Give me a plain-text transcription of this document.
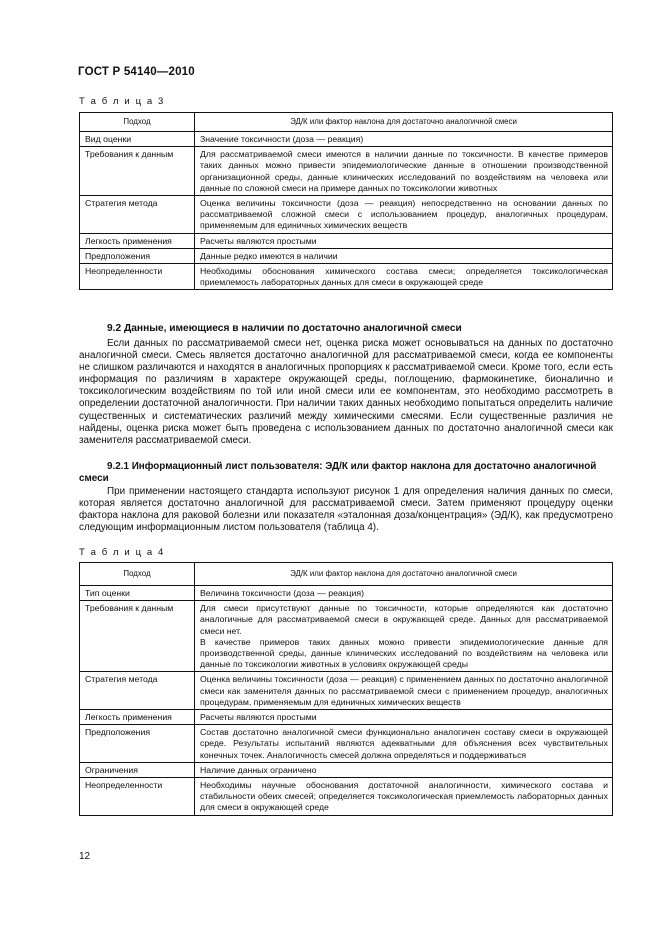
ГОСТ Р 54140—2010
Т а б л и ц а 3
Подход	ЭД/К или фактор наклона для достаточно аналогичной смеси
Вид оценки	Значение токсичности (доза — реакция)
Требования к данным	Для рассматриваемой смеси имеются в наличии данные по токсичности. В качестве примеров таких данных можно привести эпидемиологические данные в отношении производственной организационной среды, данные клинических исследований по воздействиям на человека или данные по сложной смеси на примере данных по токсикологии животных
Стратегия метода	Оценка величины токсичности (доза — реакция) непосредственно на основании данных по рассматриваемой сложной смеси с использованием процедур, аналогичных процедурам, применяемым для единичных химических веществ
Легкость применения	Расчеты являются простыми
Предположения	Данные редко имеются в наличии
Неопределенности	Необходимы обоснования химического состава смеси; определяется токсикологическая приемлемость лабораторных данных для смеси в окружающей среде
9.2 Данные, имеющиеся в наличии по достаточно аналогичной смеси
Если данных по рассматриваемой смеси нет, оценка риска может основываться на данных по достаточно аналогичной смеси. Смесь является достаточно аналогичной для рассматриваемой смеси, когда ее компоненты не слишком различаются и находятся в аналогичных пропорциях к рассматриваемой смеси. Кроме того, если есть информация по различиям в характере окружающей среды, поглощению, фармокинетике, бионалично и токсикологическим воздействиям по той или иной смеси или ее компонентам, это необходимо рассмотреть в определении достаточной аналогичности. При наличии таких данных необходимо попытаться определить наличие существенных и систематических различий между химическими смесями. Если существенные различия не найдены, оценка риска может быть проведена с использованием данных по достаточно аналогичной смеси как заменителя рассматриваемой смеси.
9.2.1 Информационный лист пользователя: ЭД/К или фактор наклона для достаточно аналогичной смеси
При применении настоящего стандарта используют рисунок 1 для определения наличия данных по смеси, которая является достаточно аналогичной для рассматриваемой смеси. Затем применяют процедуру оценки фактора наклона для раковой болезни или показателя «эталонная доза/концентрация» (ЭД/К), как предусмотрено следующим информационным листом пользователя (таблица 4).
Т а б л и ц а 4
Подход	ЭД/К или фактор наклона для достаточно аналогичной смеси
Тип оценки	Величина токсичности (доза — реакция)
Требования к данным	Для смеси присутствуют данные по токсичности, которые определяются как достаточно аналогичные для рассматриваемой смеси в окружающей среде. Данных для рассматриваемой смеси нет.
В качестве примеров таких данных можно привести эпидемиологические данные для производственной среды, данные клинических исследований по воздействиям на человека или данные по токсикологии животных в условиях окружающей среды

Стратегия метода	Оценка величины токсичности (доза — реакция) с применением данных по достаточно аналогичной смеси как заменителя данных по рассматриваемой смеси с применением процедур, аналогичных процедурам, применяемым для единичных химических веществ
Легкость применения	Расчеты являются простыми
Предположения	Состав достаточно аналогичной смеси функционально аналогичен составу смеси в окружающей среде. Результаты испытаний являются адекватными для объяснения всех чувствительных конечных точек. Аналогичность смесей должна определяться и поддерживаться
Ограничения	Наличие данных ограничено
Неопределенности	Необходимы научные обоснования достаточной аналогичности, химического состава и стабильности обеих смесей; определяется токсикологическая приемлемость лабораторных данных для смеси в окружающей среде
12
